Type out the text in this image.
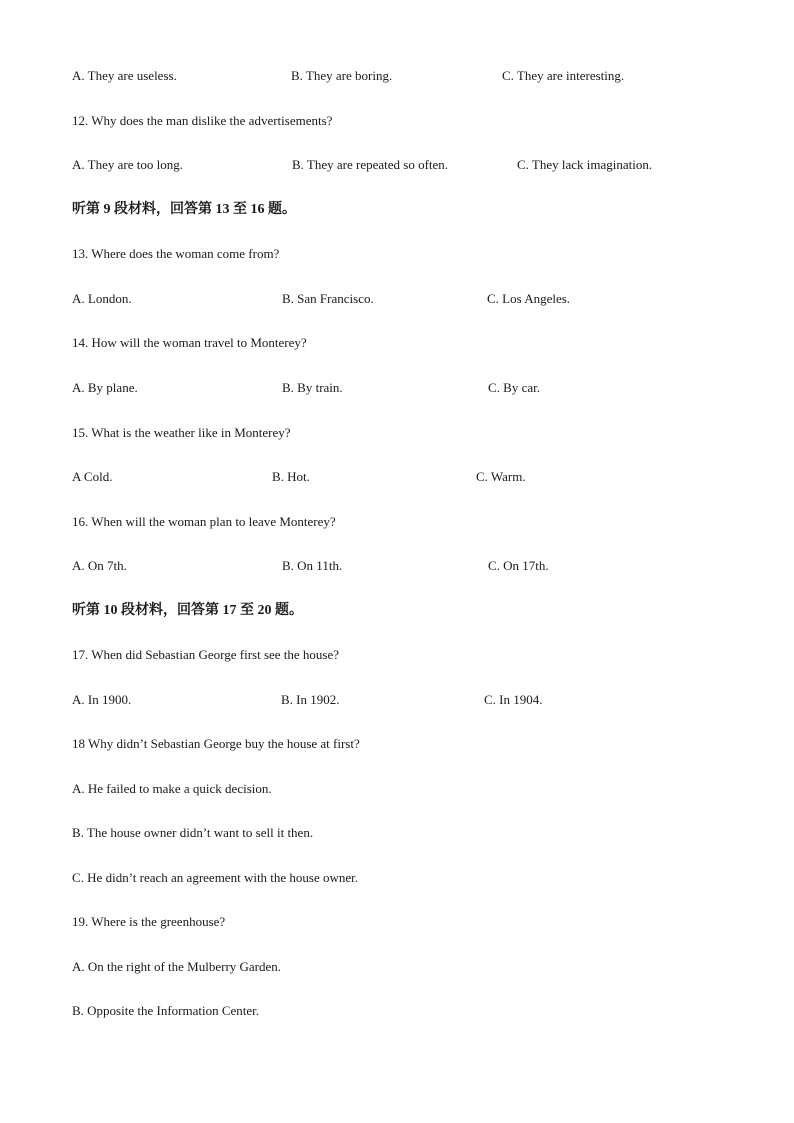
A. They are useless.	B. They are boring.	C. They are interesting.
12. Why does the man dislike the advertisements?
A. They are too long.	B. They are repeated so often.	C. They lack imagination.
听第 9 段材料，回答第 13 至 16 题。
13. Where does the woman come from?
A. London.	B. San Francisco.	C. Los Angeles.
14. How will the woman travel to Monterey?
A. By plane.	B. By train.	C. By car.
15. What is the weather like in Monterey?
A Cold.	B. Hot.	C. Warm.
16. When will the woman plan to leave Monterey?
A. On 7th.	B. On 11th.	C. On 17th.
听第 10 段材料，回答第 17 至 20 题。
17. When did Sebastian George first see the house?
A. In 1900.	B. In 1902.	C. In 1904.
18 Why didn’t Sebastian George buy the house at first?
A. He failed to make a quick decision.
B. The house owner didn’t want to sell it then.
C. He didn’t reach an agreement with the house owner.
19. Where is the greenhouse?
A. On the right of the Mulberry Garden.
B. Opposite the Information Center.
